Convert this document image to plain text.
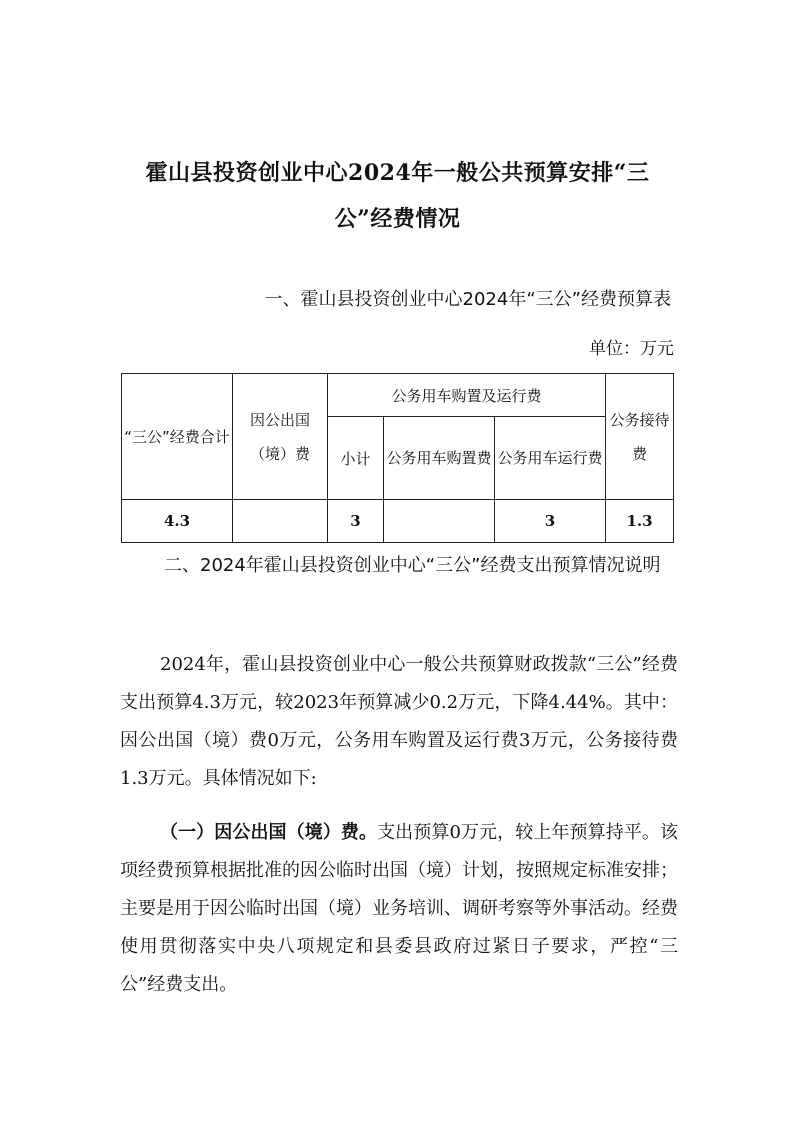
霍山县投资创业中心2024年一般公共预算安排“三公”经费情况
一、霍山县投资创业中心2024年“三公”经费预算表
单位：万元
“三公”经费合计	因公出国（境）费	公务用车购置及运行费			公务接待费
		小计	公务用车购置费	公务用车运行费	
4.3		3		3	1.3

二、2024年霍山县投资创业中心“三公”经费支出预算情况说明

2024年，霍山县投资创业中心一般公共预算财政拨款“三公”经费支出预算4.3万元，较2023年预算减少0.2万元，下降4.44%。其中：因公出国（境）费0万元，公务用车购置及运行费3万元，公务接待费1.3万元。具体情况如下:

（一）因公出国（境）费。支出预算0万元，较上年预算持平。该项经费预算根据批准的因公临时出国（境）计划，按照规定标准安排；主要是用于因公临时出国（境）业务培训、调研考察等外事活动。经费使用贯彻落实中央八项规定和县委县政府过紧日子要求，严控“三公”经费支出。
